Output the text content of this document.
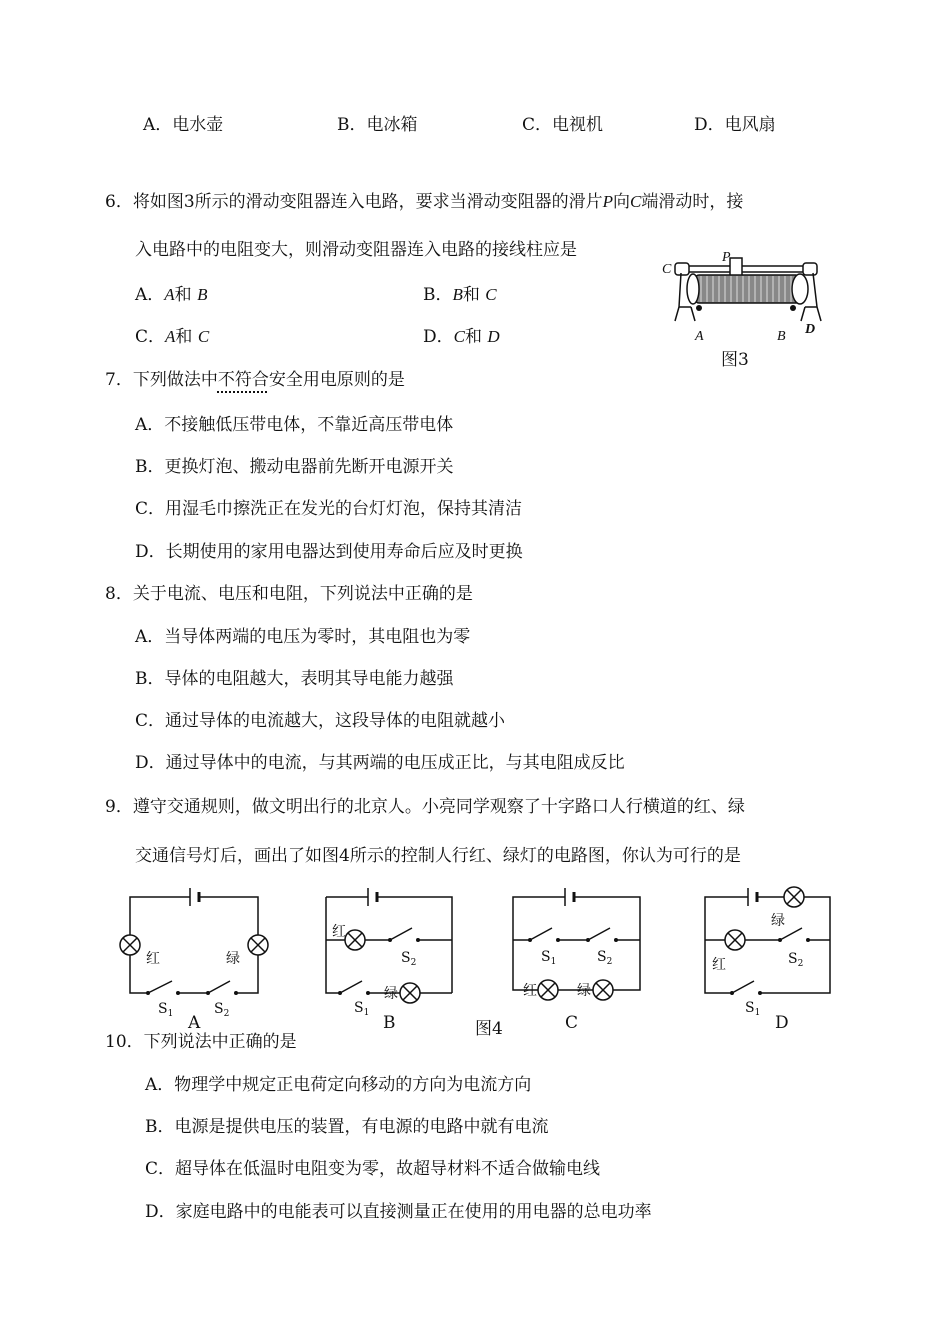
A．电水壶	B．电冰箱	C．电视机	D．电风扇
6．将如图3所示的滑动变阻器连入电路，要求当滑动变阻器的滑片P向C端滑动时，接
入电路中的电阻变大，则滑动变阻器连入电路的接线柱应是
A．A和 B	B．B和 C
C．A和 C	D．C和 D
C
P
A	B D
图3
7．下列做法中不符合安全用电原则的是
A．不接触低压带电体，不靠近高压带电体
B．更换灯泡、搬动电器前先断开电源开关
C．用湿毛巾擦洗正在发光的台灯灯泡，保持其清洁
D．长期使用的家用电器达到使用寿命后应及时更换
8．关于电流、电压和电阻，下列说法中正确的是
A．当导体两端的电压为零时，其电阻也为零
B．导体的电阻越大，表明其导电能力越强
C．通过导体的电流越大，这段导体的电阻就越小
D．通过导体中的电流，与其两端的电压成正比，与其电阻成反比
9．遵守交通规则，做文明出行的北京人。小亮同学观察了十字路口人行横道的红、绿
交通信号灯后，画出了如图4所示的控制人行红、绿灯的电路图，你认为可行的是
红	绿
$S_1$	$S_2$
A
红
$S_2$
绿
$S_1$ B	图4
$S_1$	$S_2$
红	绿
C
绿
红	$S_2$
$S_1$ D
10．下列说法中正确的是
A．物理学中规定正电荷定向移动的方向为电流方向
B．电源是提供电压的装置，有电源的电路中就有电流
C．超导体在低温时电阻变为零，故超导材料不适合做输电线
D．家庭电路中的电能表可以直接测量正在使用的用电器的总电功率
